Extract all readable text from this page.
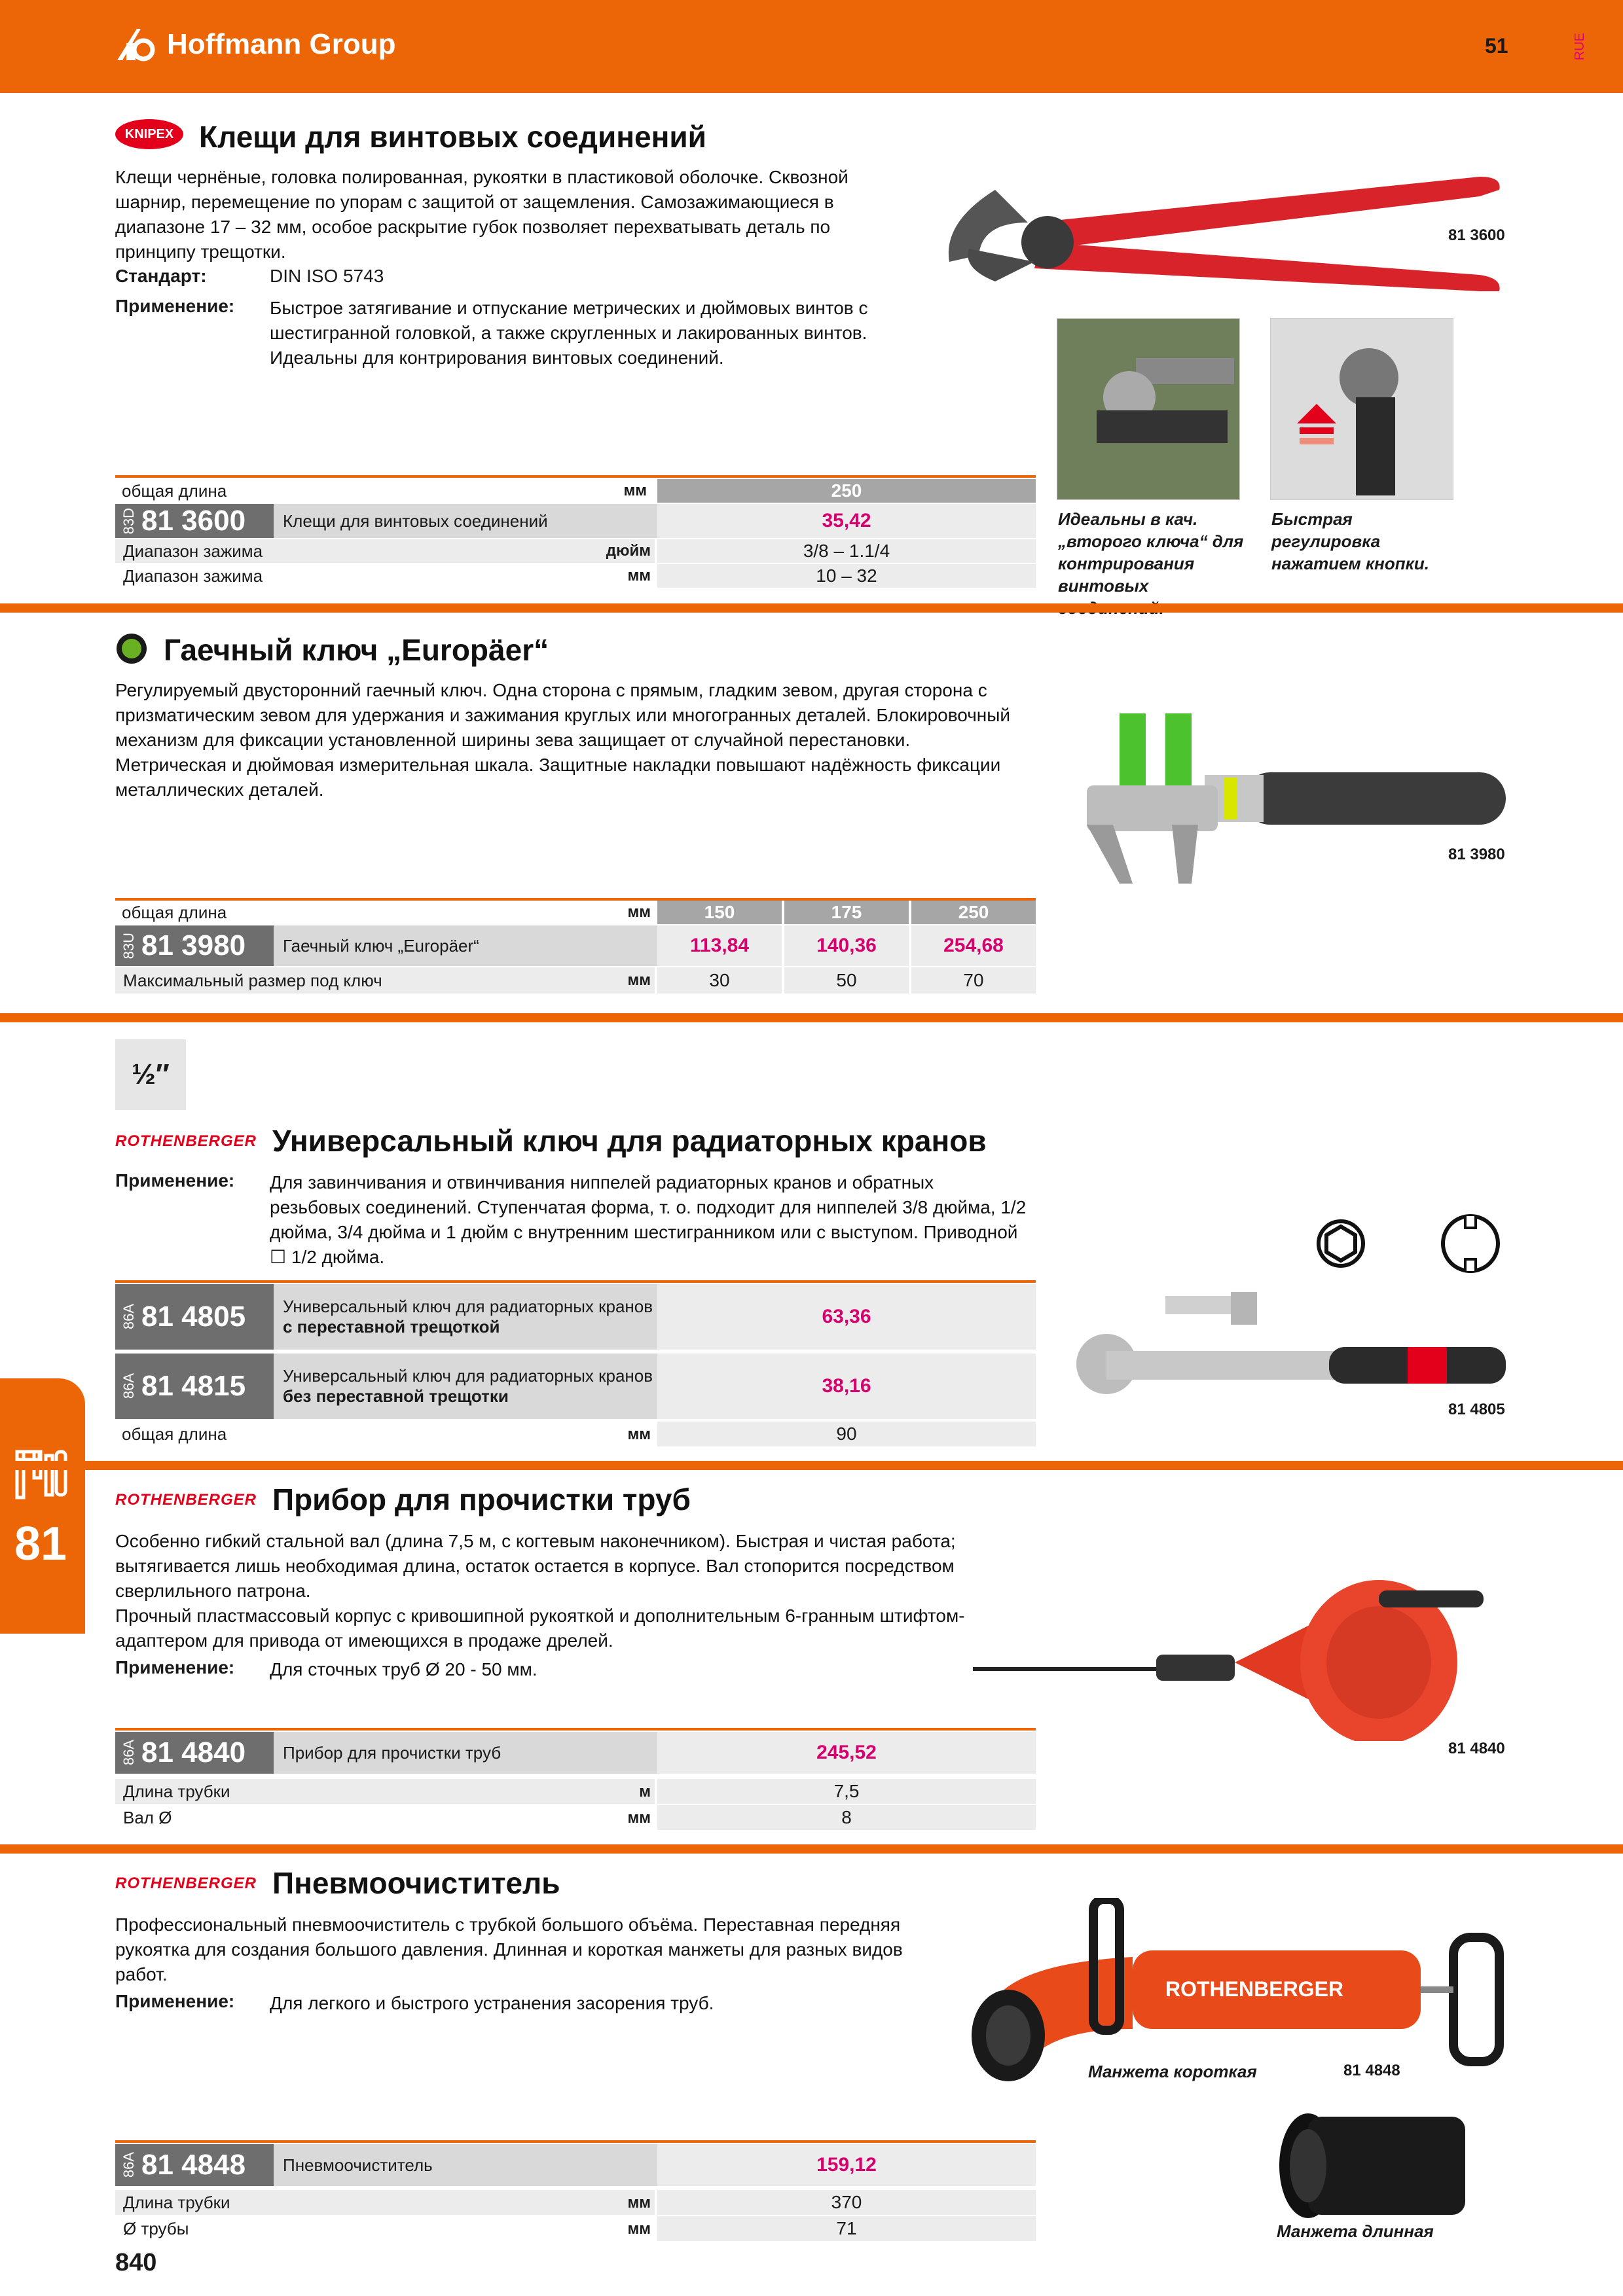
Hoffmann Group	51	RUE
81
KNIPEX Клещи для винтовых соединений
Клещи чернёные, головка полированная, рукоятки в пластиковой оболочке. Сквозной шарнир, перемещение по упорам с защитой от защемления. Самозажимающиеся в диапазоне 17 – 32 мм, особое раскрытие губок позволяет перехватывать деталь по принципу трещотки.
Стандарт:	DIN ISO 5743
Применение: Быстрое затягивание и отпускание метрических и дюймовых винтов с шестигранной головкой, а также скругленных и лакированных винтов. Идеальны для контрирования винтовых соединений.
81 3600
Идеальны в кач. „второго ключа“ для контрирования винтовых
Быстрая регулировка нажатием кнопки.
общая длина	мм	250
83D 81 3600	Клещи для винтовых соединений	35,42
Диапазон зажима	дюйм	3/8 – 1.1/4
Диапазон зажима	мм	10 – 32
Гаечный ключ „Europäer“
Регулируемый двусторонний гаечный ключ. Одна сторона с прямым, гладким зевом, другая сторона с призматическим зевом для удержания и зажимания круглых или многогранных деталей. Блокировочный механизм для фиксации установленной ширины зева защищает от случайной перестановки. Метрическая и дюймовая измерительная шкала. Защитные накладки повышают надёжность фиксации металлических деталей.
81 3980
общая длина	мм	150	175	250
83U 81 3980	Гаечный ключ „Europäer“	113,84	140,36	254,68
Максимальный размер под ключ	мм	30	50	70
½″
ROTHENBERGER Универсальный ключ для радиаторных кранов
Применение: Для завинчивания и отвинчивания ниппелей радиаторных кранов и обратных резьбовых соединений. Ступенчатая форма, т. о. подходит для ниппелей 3/8 дюйма, 1/2 дюйма, 3/4 дюйма и 1 дюйм с внутренним шестигранником или с выступом. Приводной ☐ 1/2 дюйма.
81 4805
86A 81 4805 Универсальный ключ для радиаторных кранов
с переставной трещоткой	63,36
86A 81 4815 Универсальный ключ для радиаторных кранов
без переставной трещотки	38,16
общая длина	мм	90
ROTHENBERGER Прибор для прочистки труб
Особенно гибкий стальной вал (длина 7,5 м, с когтевым наконечником). Быстрая и чистая работа; вытягивается лишь необходимая длина, остаток остается в корпусе. Вал стопорится посредством сверлильного патрона.
Прочный пластмассовый корпус с кривошипной рукояткой и дополнительным 6-гранным штифтом-адаптером для привода от имеющихся в продаже дрелей.
Применение: Для сточных труб Ø 20 - 50 мм.
81 4840
86A 81 4840	Прибор для прочистки труб	245,52
Длина трубки	м	7,5
Вал Ø	мм	8
ROTHENBERGER Пневмоочиститель
Профессиональный пневмоочиститель с трубкой большого объёма. Переставная передняя рукоятка для создания большого давления. Длинная и короткая манжеты для разных видов работ.
Применение: Для легкого и быстрого устранения засорения труб.
ROTHENBERGER
Манжета короткая	81 4848
Манжета длинная
86A 81 4848	Пневмоочиститель	159,12
Длина трубки	мм	370
Ø трубы	мм	71
840
